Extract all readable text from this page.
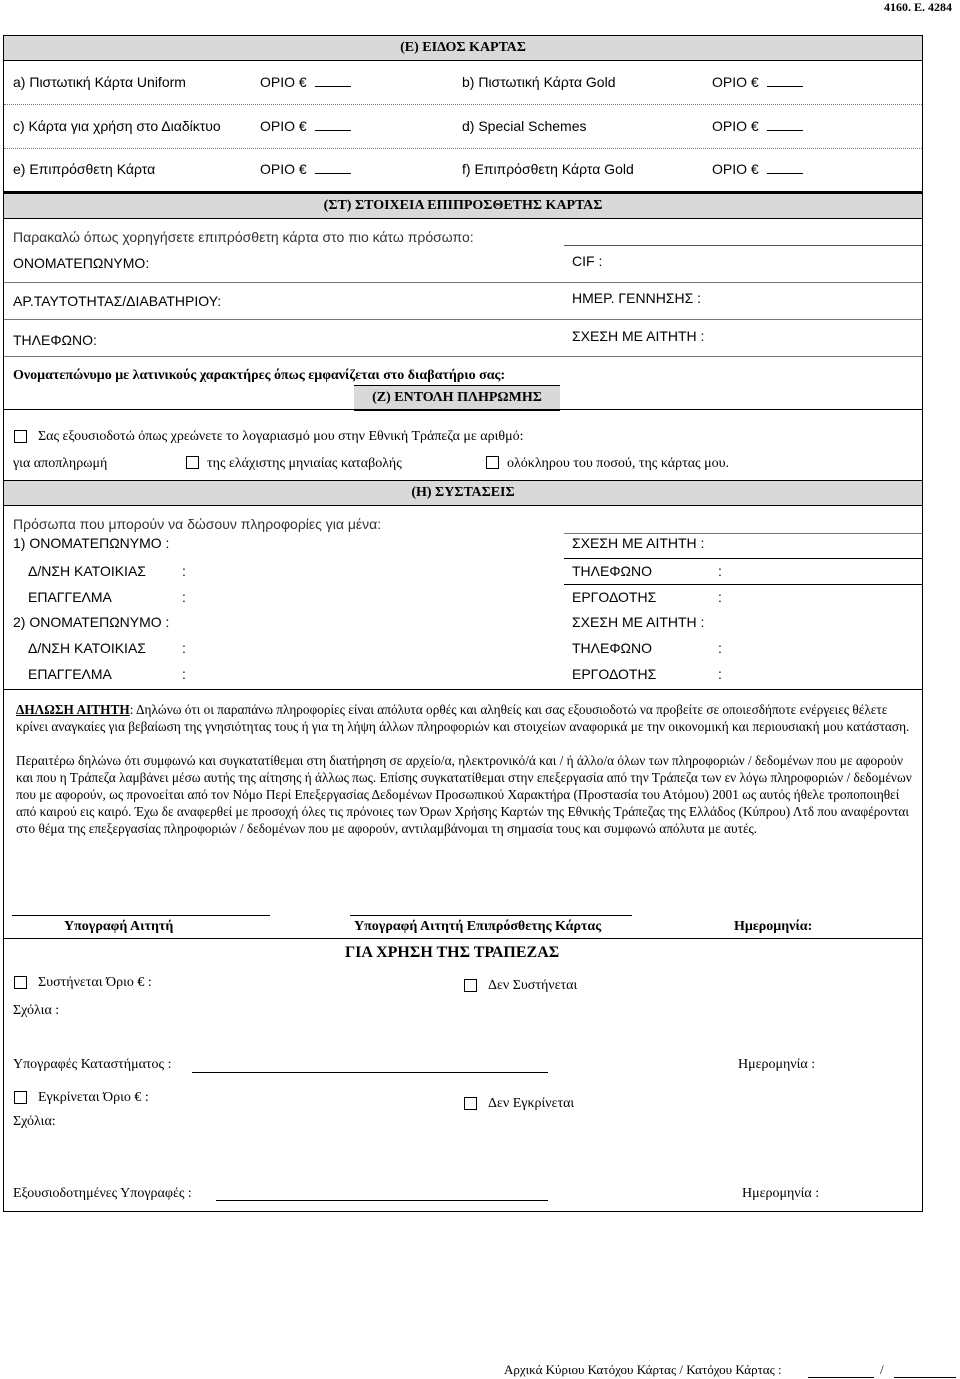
4160. Ε. 4284
(Ε) ΕΙΔΟΣ ΚΑΡΤΑΣ
a) Πιστωτική Κάρτα Uniform	ΟΡΙΟ €	b) Πιστωτική Κάρτα Gold	ΟΡΙΟ €
c) Κάρτα για χρήση στο Διαδίκτυο	ΟΡΙΟ €	d) Special Schemes	ΟΡΙΟ €
e) Επιπρόσθετη Κάρτα	ΟΡΙΟ €	f) Επιπρόσθετη Κάρτα Gold	ΟΡΙΟ €
(ΣΤ) ΣΤΟΙΧΕΙΑ ΕΠΙΠΡΟΣΘΕΤΗΣ ΚΑΡΤΑΣ
Παρακαλώ όπως χορηγήσετε επιπρόσθετη κάρτα στο πιο κάτω πρόσωπο:
ΟΝΟΜΑΤΕΠΩΝΥΜΟ:	CIF :
ΑΡ.ΤΑΥΤΟΤΗΤΑΣ/ΔΙΑΒΑΤΗΡΙΟΥ:	ΗΜΕΡ. ΓΕΝΝΗΣΗΣ :
ΤΗΛΕΦΩΝΟ:	ΣΧΕΣΗ ΜΕ ΑΙΤΗΤΗ :
Ονοματεπώνυμο με λατινικούς χαρακτήρες όπως εμφανίζεται στο διαβατήριο σας:
(Ζ) ΕΝΤΟΛΗ ΠΛΗΡΩΜΗΣ
Σας εξουσιοδοτώ όπως χρεώνετε το λογαριασμό μου στην Εθνική Τράπεζα με αριθμό:
για αποπληρωμή	της ελάχιστης μηνιαίας καταβολής	ολόκληρου του ποσού, της κάρτας μου.
(Η) ΣΥΣΤΑΣΕΙΣ
Πρόσωπα που μπορούν να δώσουν πληροφορίες για μένα:
1) ΟΝΟΜΑΤΕΠΩΝΥΜΟ :	ΣΧΕΣΗ ΜΕ ΑΙΤΗΤΗ :
Δ/ΝΣΗ ΚΑΤΟΙΚΙΑΣ	:	ΤΗΛΕΦΩΝΟ	:
ΕΠΑΓΓΕΛΜΑ	:	ΕΡΓΟΔΟΤΗΣ	:
2) ΟΝΟΜΑΤΕΠΩΝΥΜΟ :	ΣΧΕΣΗ ΜΕ ΑΙΤΗΤΗ :
Δ/ΝΣΗ ΚΑΤΟΙΚΙΑΣ	:	ΤΗΛΕΦΩΝΟ	:
ΕΠΑΓΓΕΛΜΑ	:	ΕΡΓΟΔΟΤΗΣ	:
ΔΗΛΩΣΗ ΑΙΤΗΤΗ: Δηλώνω ότι οι παραπάνω πληροφορίες είναι απόλυτα ορθές και αληθείς και σας εξουσιοδοτώ να προβείτε σε οποιεσδήποτε ενέργειες θέλετε κρίνει αναγκαίες για βεβαίωση της γνησιότητας τους ή για τη λήψη άλλων πληροφοριών και στοιχείων αναφορικά με την οικονομική και περιουσιακή μου κατάσταση.
Περαιτέρω δηλώνω ότι συμφωνώ και συγκατατίθεμαι στη διατήρηση σε αρχείο/α, ηλεκτρονικό/ά και / ή άλλο/α όλων των πληροφοριών / δεδομένων που με αφορούν και που η Τράπεζα λαμβάνει μέσω αυτής της αίτησης ή άλλως πως. Επίσης συγκατατίθεμαι στην επεξεργασία από την Τράπεζα των εν λόγω πληροφοριών / δεδομένων που με αφορούν, ως προνοείται από τον Νόμο Περί Επεξεργασίας Δεδομένων Προσωπικού Χαρακτήρα (Προστασία του Ατόμου) 2001 ως αυτός ήθελε τροποποιηθεί από καιρού εις καιρό. Έχω δε αναφερθεί με προσοχή όλες τις πρόνοιες των Όρων Χρήσης Καρτών της Εθνικής Τράπεζας της Ελλάδος (Κύπρου) Λτδ που αναφέρονται στο θέμα της επεξεργασίας πληροφοριών / δεδομένων που με αφορούν, αντιλαμβάνομαι τη σημασία τους και συμφωνώ απόλυτα με αυτές.
Υπογραφή Αιτητή	Υπογραφή Αιτητή Επιπρόσθετης Κάρτας	Ημερομηνία:
ΓΙΑ ΧΡΗΣΗ ΤΗΣ ΤΡΑΠΕΖΑΣ
Συστήνεται Όριο € :	Δεν Συστήνεται
Σχόλια :
Υπογραφές Καταστήματος :	Ημερομηνία :
Εγκρίνεται Όριο € :	Δεν Εγκρίνεται
Σχόλια:
Εξουσιοδοτημένες Υπογραφές :	Ημερομηνία :
Αρχικά Κύριου Κατόχου Κάρτας / Κατόχου Κάρτας :	/
